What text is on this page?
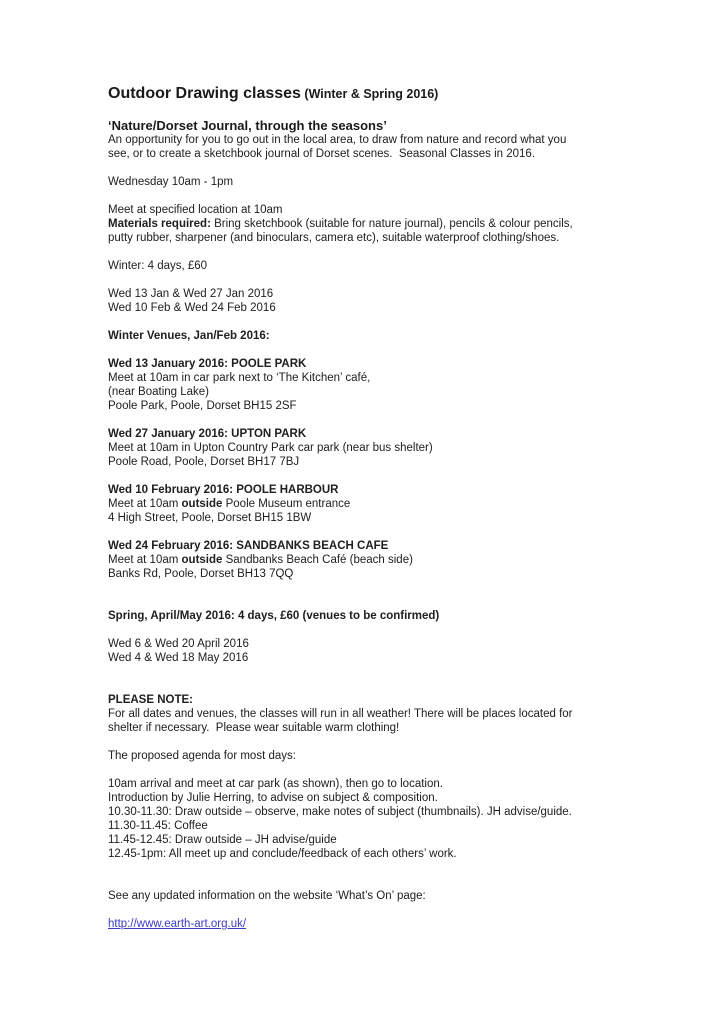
Outdoor Drawing classes (Winter & Spring 2016)
‘Nature/Dorset Journal, through the seasons’
An opportunity for you to go out in the local area, to draw from nature and record what you
see, or to create a sketchbook journal of Dorset scenes.  Seasonal Classes in 2016.
Wednesday 10am - 1pm
Meet at specified location at 10am
Materials required: Bring sketchbook (suitable for nature journal), pencils & colour pencils,
putty rubber, sharpener (and binoculars, camera etc), suitable waterproof clothing/shoes.
Winter: 4 days, £60
Wed 13 Jan & Wed 27 Jan 2016
Wed 10 Feb & Wed 24 Feb 2016
Winter Venues, Jan/Feb 2016:
Wed 13 January 2016: POOLE PARK
Meet at 10am in car park next to ‘The Kitchen’ café,
(near Boating Lake)
Poole Park, Poole, Dorset BH15 2SF
Wed 27 January 2016: UPTON PARK
Meet at 10am in Upton Country Park car park (near bus shelter)
Poole Road, Poole, Dorset BH17 7BJ
Wed 10 February 2016: POOLE HARBOUR
Meet at 10am outside Poole Museum entrance
4 High Street, Poole, Dorset BH15 1BW
Wed 24 February 2016: SANDBANKS BEACH CAFE
Meet at 10am outside Sandbanks Beach Café (beach side)
Banks Rd, Poole, Dorset BH13 7QQ
Spring, April/May 2016: 4 days, £60 (venues to be confirmed)
Wed 6 & Wed 20 April 2016
Wed 4 & Wed 18 May 2016
PLEASE NOTE:
For all dates and venues, the classes will run in all weather! There will be places located for
shelter if necessary.  Please wear suitable warm clothing!
The proposed agenda for most days:
10am arrival and meet at car park (as shown), then go to location.
Introduction by Julie Herring, to advise on subject & composition.
10.30-11.30: Draw outside – observe, make notes of subject (thumbnails). JH advise/guide.
11.30-11.45: Coffee
11.45-12.45: Draw outside – JH advise/guide
12.45-1pm: All meet up and conclude/feedback of each others’ work.
See any updated information on the website ‘What’s On’ page:
http://www.earth-art.org.uk/
